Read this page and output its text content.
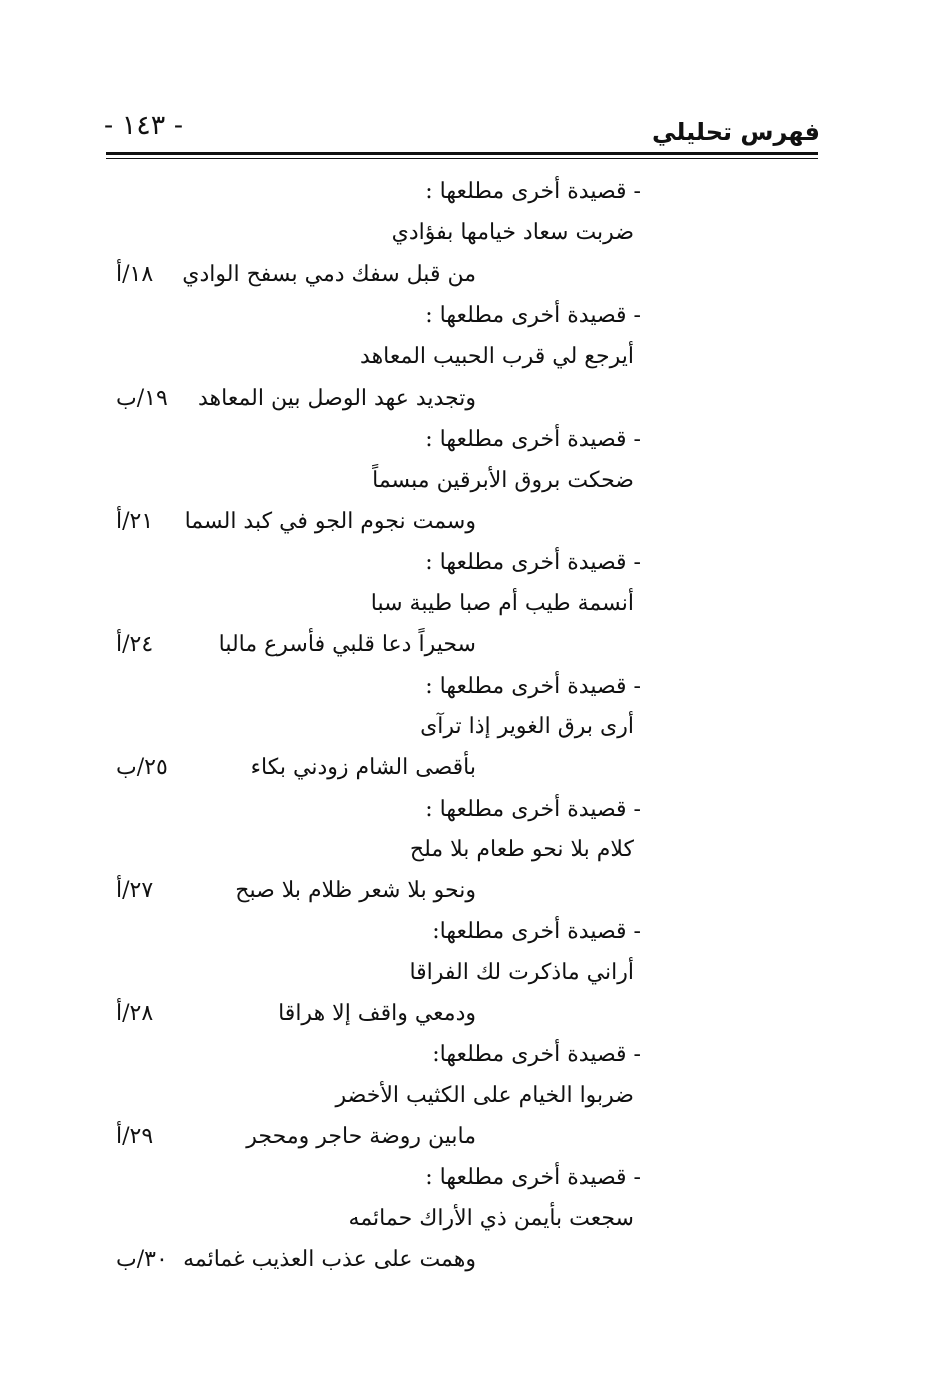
فهرس تحليلي
- ١٤٣ -
- قصيدة أخرى مطلعها :
ضربت سعاد خيامها بفؤادي
من قبل سفك دمي بسفح الوادي
١٨/أ
- قصيدة أخرى مطلعها :
أيرجع لي قرب الحبيب المعاهد
وتجديد عهد الوصل بين المعاهد
١٩/ب
- قصيدة أخرى مطلعها :
ضحكت بروق الأبرقين مبسماً
وسمت نجوم الجو في كبد السما
٢١/أ
- قصيدة أخرى مطلعها :
أنسمة طيب أم صبا طيبة سبا
سحيراً دعا قلبي فأسرع مالبا
٢٤/أ
- قصيدة أخرى مطلعها :
أرى برق الغوير إذا ترآى
بأقصى الشام زودني بكاء
٢٥/ب
- قصيدة أخرى مطلعها :
كلام بلا نحو طعام بلا ملح
ونحو بلا شعر ظلام بلا صبح
٢٧/أ
- قصيدة أخرى مطلعها:
أراني ماذكرت لك الفراقا
ودمعي واقف إلا هراقا
٢٨/أ
- قصيدة أخرى مطلعها:
ضربوا الخيام على الكثيب الأخضر
مابين روضة حاجر ومحجر
٢٩/أ
- قصيدة أخرى مطلعها :
سجعت بأيمن ذي الأراك حمائمه
وهمت على عذب العذيب غمائمه
٣٠/ب
